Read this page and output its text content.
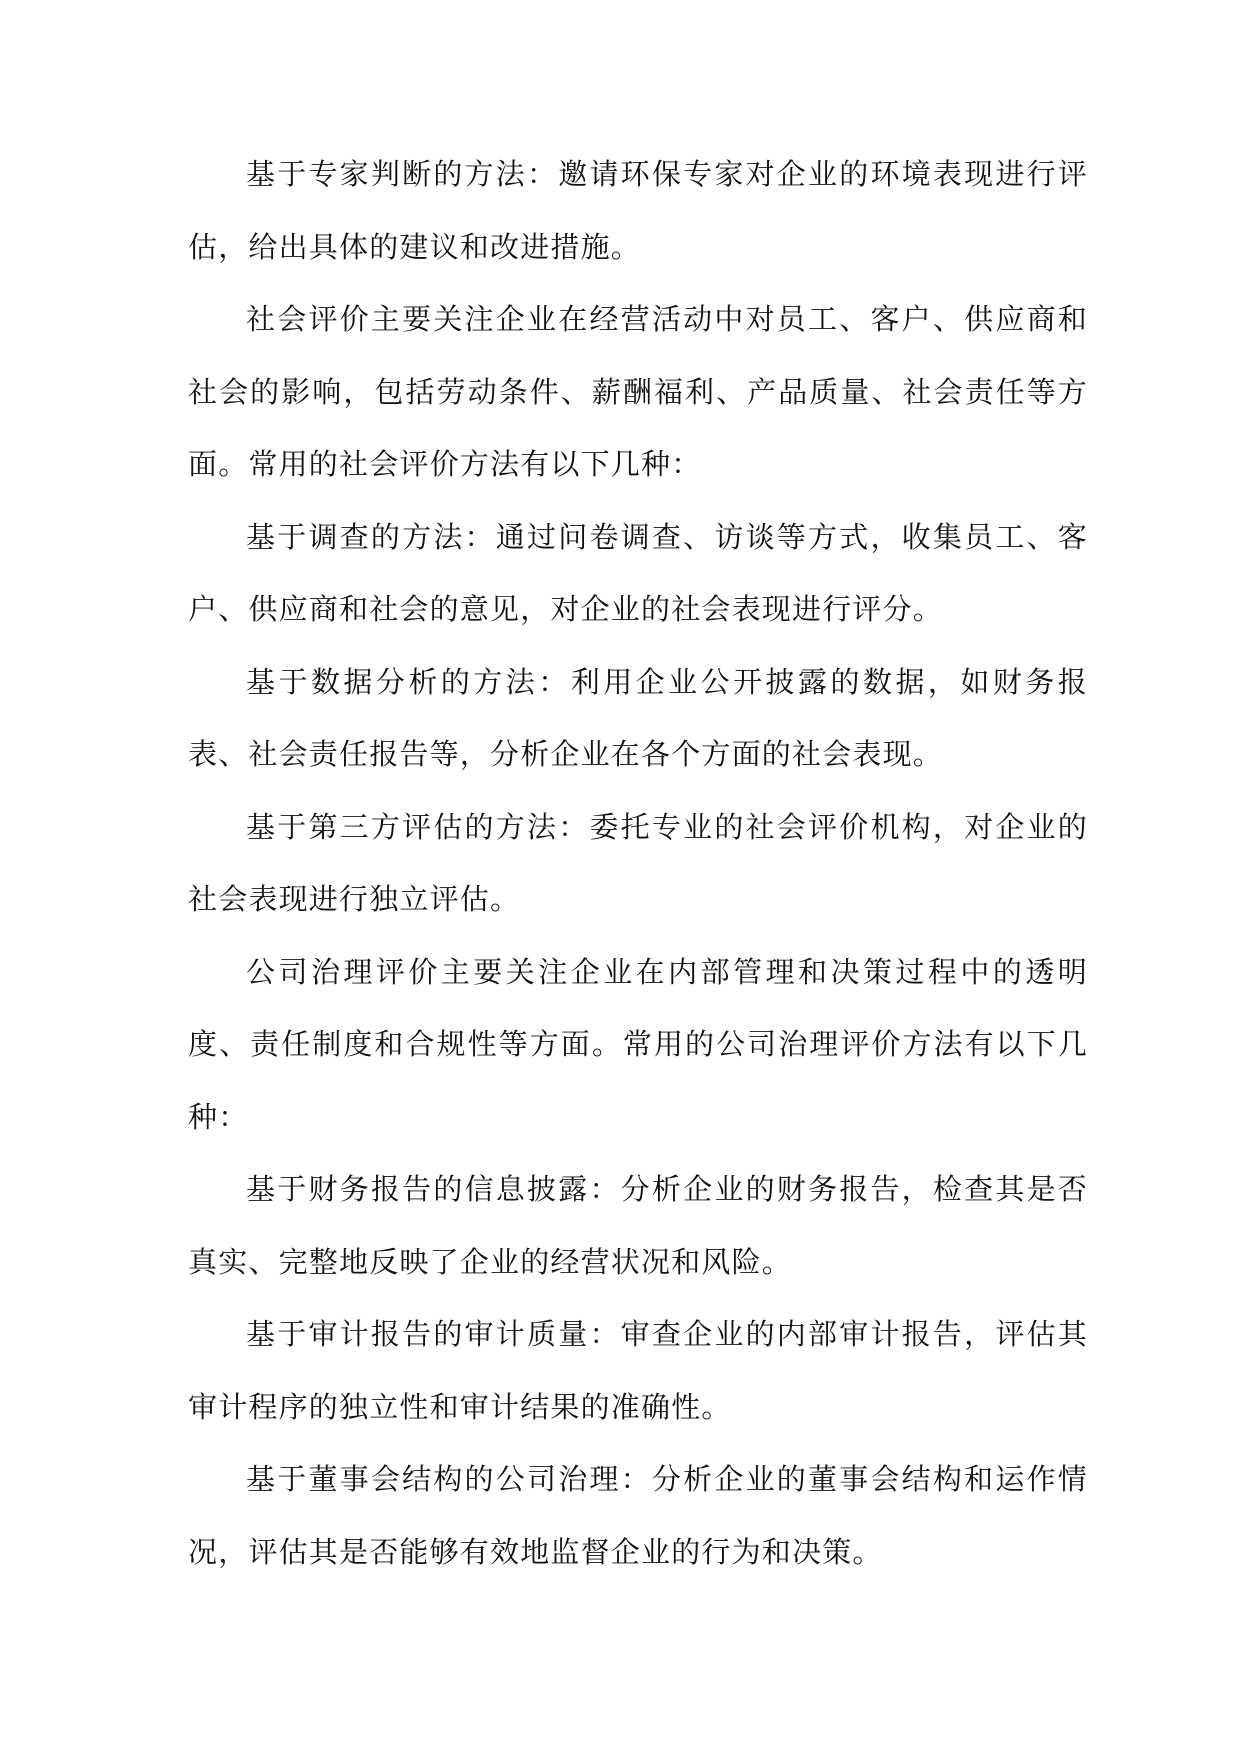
基于专家判断的方法：邀请环保专家对企业的环境表现进行评估，给出具体的建议和改进措施。

社会评价主要关注企业在经营活动中对员工、客户、供应商和社会的影响，包括劳动条件、薪酬福利、产品质量、社会责任等方面。常用的社会评价方法有以下几种：

基于调查的方法：通过问卷调查、访谈等方式，收集员工、客户、供应商和社会的意见，对企业的社会表现进行评分。

基于数据分析的方法：利用企业公开披露的数据，如财务报表、社会责任报告等，分析企业在各个方面的社会表现。

基于第三方评估的方法：委托专业的社会评价机构，对企业的社会表现进行独立评估。

公司治理评价主要关注企业在内部管理和决策过程中的透明度、责任制度和合规性等方面。常用的公司治理评价方法有以下几种：

基于财务报告的信息披露：分析企业的财务报告，检查其是否真实、完整地反映了企业的经营状况和风险。

基于审计报告的审计质量：审查企业的内部审计报告，评估其审计程序的独立性和审计结果的准确性。

基于董事会结构的公司治理：分析企业的董事会结构和运作情况，评估其是否能够有效地监督企业的行为和决策。
